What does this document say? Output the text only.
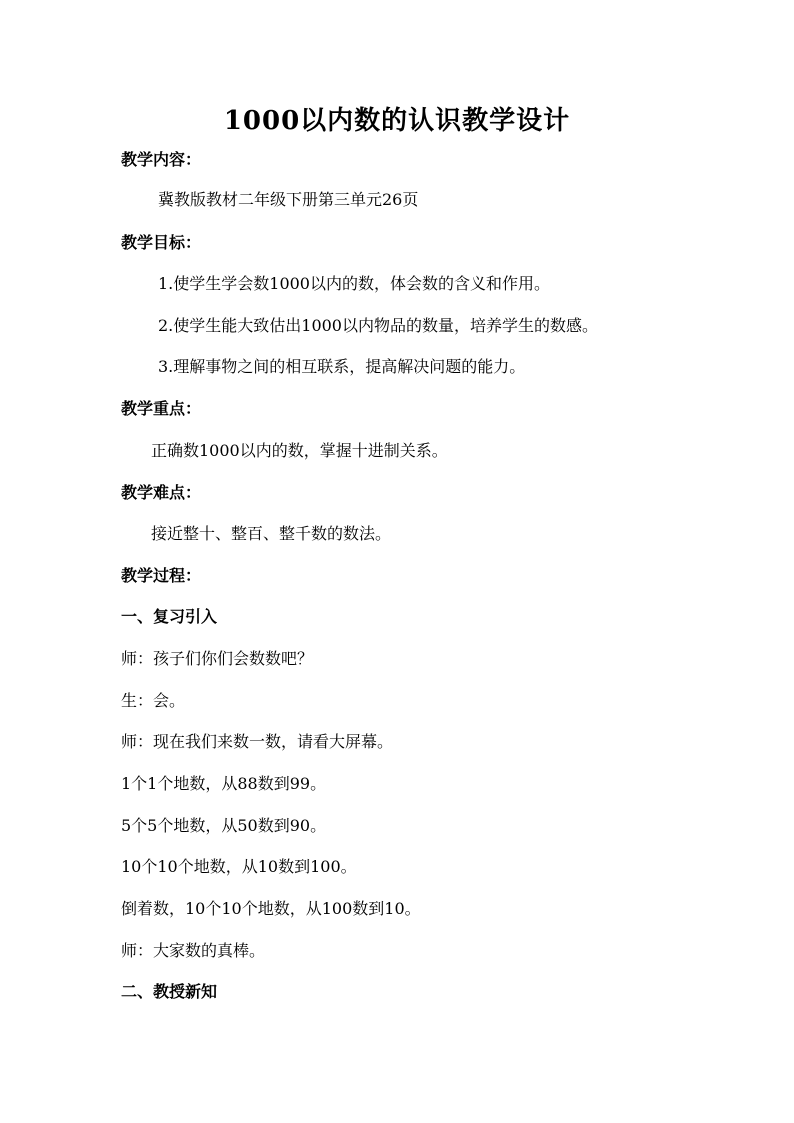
1000以内数的认识教学设计
教学内容：
冀教版教材二年级下册第三单元26页
教学目标：
1.使学生学会数1000以内的数，体会数的含义和作用。
2.使学生能大致估出1000以内物品的数量，培养学生的数感。
3.理解事物之间的相互联系，提高解决问题的能力。
教学重点：
正确数1000以内的数，掌握十进制关系。
教学难点：
接近整十、整百、整千数的数法。
教学过程：
一、复习引入
师：孩子们你们会数数吧？
生：会。
师：现在我们来数一数，请看大屏幕。
1个1个地数，从88数到99。
5个5个地数，从50数到90。
10个10个地数，从10数到100。
倒着数，10个10个地数，从100数到10。
师：大家数的真棒。
二、教授新知
